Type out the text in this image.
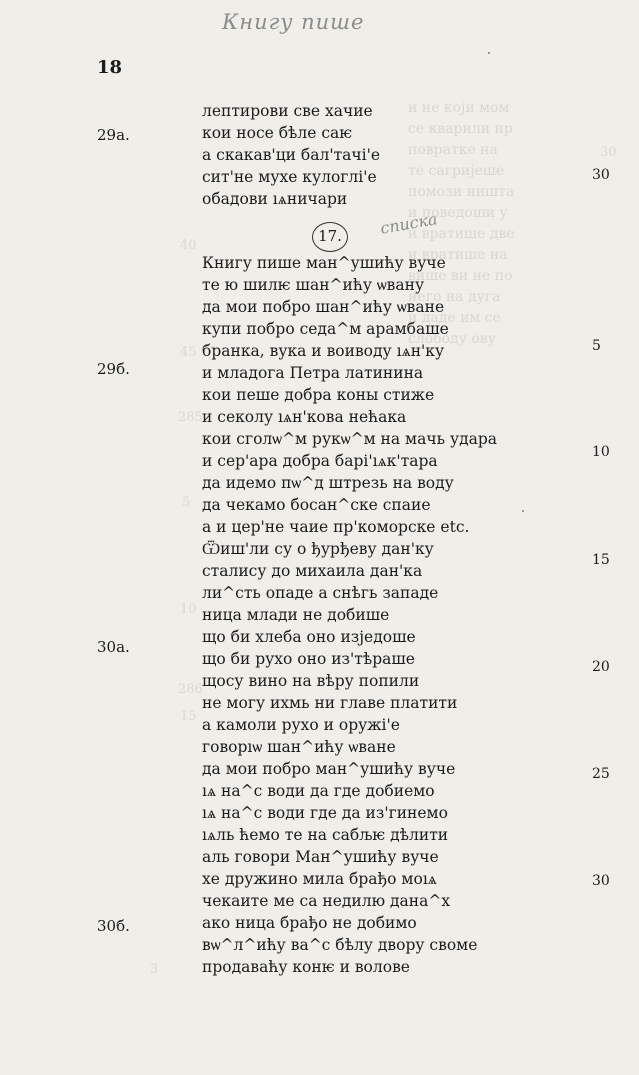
Книгу пише
списка
18
и не који мом
се кварили пр
повратке на
те сагријеше
помози ништа
и поведоши у
и вратише две
и вратише на
вишe ви не по
него на дуга
и даде им се
слободу ову
30
40
45
285
5
10
15
286
3
29а.
29б.
30а.
30б.
30
5
10
15
20
25
30
17.
лептирови све хачие
кои носе бѣле саѥ
а скакав'ци бал'тачі'е
сит'не мухе кулоглі'е
обадови ıѧничари
Книгу пише ман^ушићу вуче
те ю шилѥ шан^ићу ѡвану
да мои побро шан^ићу ѡване
купи побро седа^м арамбаше
бранка, вука и воиводу ıѧн'ку
и младога Петра латинина
кои пеше добра коны стиже
и секолу ıѧн'кова нећака
кои сголѡ^м рукѡ^м на мачь удара
и сер'ара добра барі'ıѧк'тара
да идемо пѡ^д штрезь на воду
да чекамо босан^ске спаие
а и цер'не чаие пр'коморске etc.
Ѿиш'ли су о ђурђеву дан'ку
сталису до михаила дан'ка
ли^сть опаде а снѣгь западе
ница млади не добише
що би хлеба оно изједоше
що би рухо оно из'тѣраше
щосу вино на вѣру попили
не могу ихмь ни главе платити
а камоли рухо и оружі'е
говорıѡ шан^ићу ѡване
да мои побро ман^ушићу вуче
ıѧ на^с води да где добиемо
ıѧ на^с води где да из'гинемо
ıѧль ћемо те на сабљѥ дѣлити
аль говори Ман^ушићу вуче
хе дружино мила брађо моıѧ
чекаите ме са недилю дана^х
ако ница брађо не добимо
вѡ^л^ићу ва^с бѣлу двору своме
продаваћу конѥ и волове
